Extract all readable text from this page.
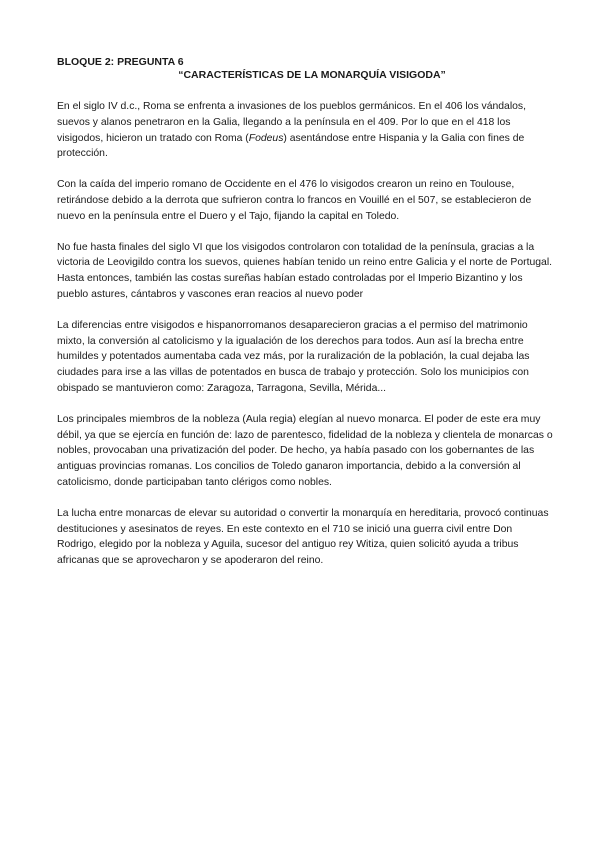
BLOQUE 2: PREGUNTA 6

“CARACTERÍSTICAS DE LA MONARQUÍA VISIGODA”

En el siglo IV d.c., Roma se enfrenta a invasiones de los pueblos germánicos. En el 406 los vándalos, suevos y alanos penetraron en la Galia, llegando a la península en el 409. Por lo que en el 418 los visigodos, hicieron un tratado con Roma (Fodeus) asentándose entre Hispania y la Galia con fines de protección.

Con la caída del imperio romano de Occidente en el 476 lo visigodos crearon un reino en Toulouse, retirándose debido a la derrota que sufrieron contra lo francos en Vouillé en el 507, se establecieron de nuevo en la península entre el Duero y el Tajo, fijando la capital en Toledo.

No fue hasta finales del siglo VI que los visigodos controlaron con totalidad de la península, gracias a la victoria de Leovigildo contra los suevos, quienes habían tenido un reino entre Galicia y el norte de Portugal. Hasta entonces, también las costas sureñas habían estado controladas por el Imperio Bizantino y los pueblo astures, cántabros y vascones eran reacios al nuevo poder

La diferencias entre visigodos e hispanorromanos desaparecieron gracias a el permiso del matrimonio mixto, la conversión al catolicismo y la igualación de los derechos para todos. Aun así la brecha entre humildes y potentados aumentaba cada vez más, por la ruralización de la población, la cual dejaba las ciudades para irse a las villas de potentados en busca de trabajo y protección. Solo los municipios con obispado se mantuvieron como: Zaragoza, Tarragona, Sevilla, Mérida...

Los principales miembros de la nobleza (Aula regia) elegían al nuevo monarca. El poder de este era muy débil, ya que se ejercía en función de: lazo de parentesco, fidelidad de la nobleza y clientela de monarcas o nobles, provocaban una privatización del poder. De hecho, ya había pasado con los gobernantes de las antiguas provincias romanas. Los concilios de Toledo ganaron importancia, debido a la conversión al catolicismo, donde participaban tanto clérigos como nobles.

La lucha entre monarcas de elevar su autoridad o convertir la monarquía en hereditaria, provocó continuas destituciones y asesinatos de reyes. En este contexto en el 710 se inició una guerra civil entre Don Rodrigo, elegido por la nobleza y Aguila, sucesor del antiguo rey Witiza, quien solicitó ayuda a tribus africanas que se aprovecharon y se apoderaron del reino.
